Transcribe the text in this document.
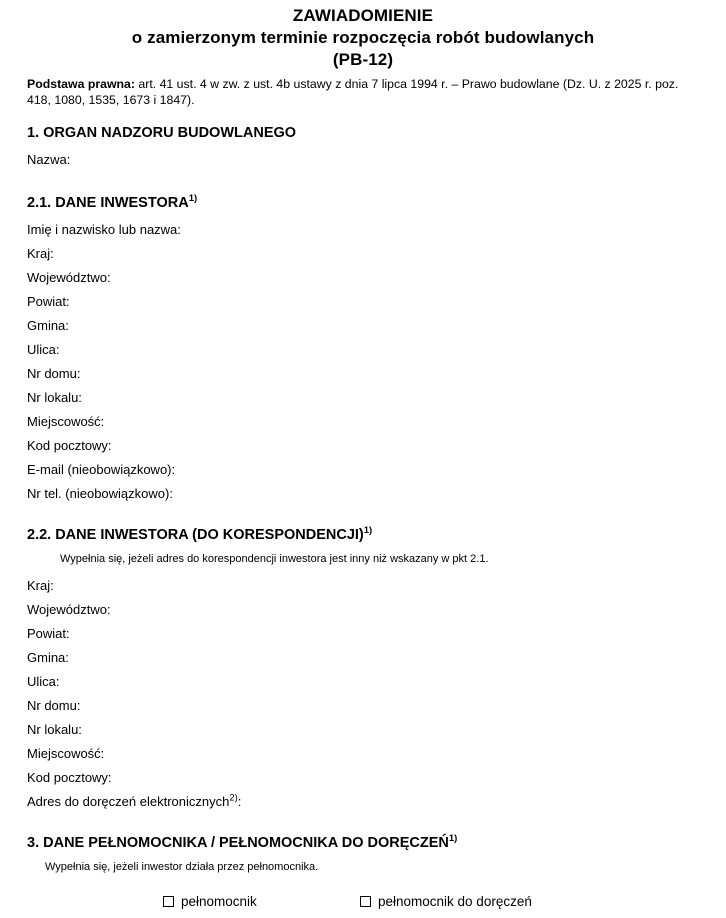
ZAWIADOMIENIE
o zamierzonym terminie rozpoczęcia robót budowlanych
(PB-12)
Podstawa prawna: art. 41 ust. 4 w zw. z ust. 4b ustawy z dnia 7 lipca 1994 r. – Prawo budowlane (Dz. U. z 2025 r. poz. 418, 1080, 1535, 1673 i 1847).
1. ORGAN NADZORU BUDOWLANEGO
Nazwa:
2.1. DANE INWESTORA$^{1)}$
Imię i nazwisko lub nazwa:
Kraj:
Województwo:
Powiat:
Gmina:
Ulica:
Nr domu:
Nr lokalu:
Miejscowość:
Kod pocztowy:
E-mail (nieobowiązkowo):
Nr tel. (nieobowiązkowo):
2.2. DANE INWESTORA (DO KORESPONDENCJI)$^{1)}$
Wypełnia się, jeżeli adres do korespondencji inwestora jest inny niż wskazany w pkt 2.1.
Kraj:
Województwo:
Powiat:
Gmina:
Ulica:
Nr domu:
Nr lokalu:
Miejscowość:
Kod pocztowy:
Adres do doręczeń elektronicznych$^{2)}$:
3. DANE PEŁNOMOCNIKA / PEŁNOMOCNIKA DO DORĘCZEŃ$^{1)}$
Wypełnia się, jeżeli inwestor działa przez pełnomocnika.
pełnomocnik	pełnomocnik do doręczeń
